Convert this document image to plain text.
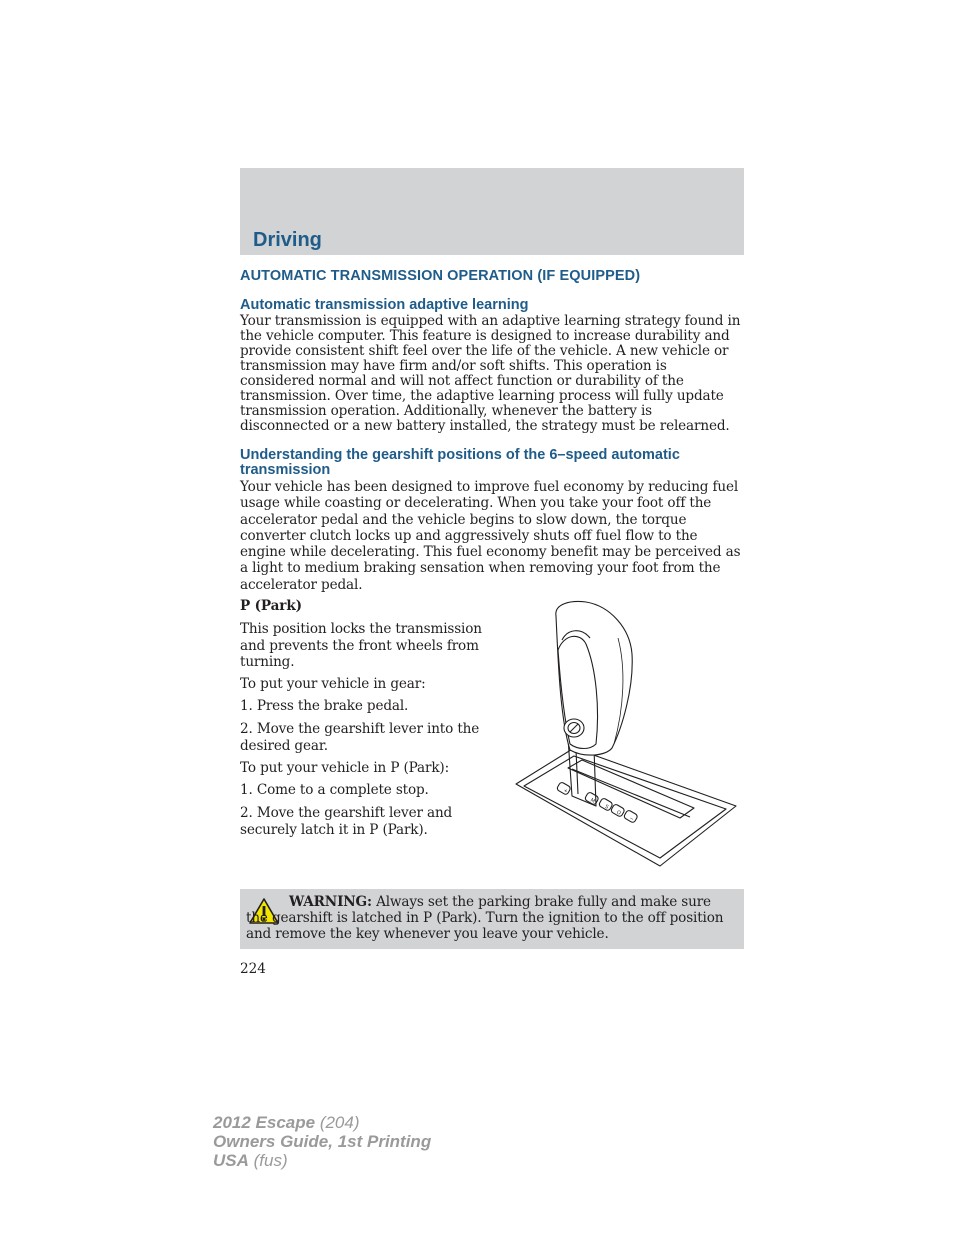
Driving
AUTOMATIC TRANSMISSION OPERATION (IF EQUIPPED)
Automatic transmission adaptive learning

Your transmission is equipped with an adaptive learning strategy found in the vehicle computer. This feature is designed to increase durability and provide consistent shift feel over the life of the vehicle. A new vehicle or transmission may have firm and/or soft shifts. This operation is considered normal and will not affect function or durability of the transmission. Over time, the adaptive learning process will fully update transmission operation. Additionally, whenever the battery is disconnected or a new battery installed, the strategy must be relearned.

Understanding the gearshift positions of the 6–speed automatic transmission

Your vehicle has been designed to improve fuel economy by reducing fuel usage while coasting or decelerating. When you take your foot off the accelerator pedal and the vehicle begins to slow down, the torque converter clutch locks up and aggressively shuts off fuel flow to the engine while decelerating. This fuel economy benefit may be perceived as a light to medium braking sensation when removing your foot from the accelerator pedal.

P (Park)

This position locks the transmission and prevents the front wheels from turning.

To put your vehicle in gear:

1. Press the brake pedal.

2. Move the gearshift lever into the desired gear.

To put your vehicle in P (Park):

1. Come to a complete stop.

2. Move the gearshift lever and securely latch it in P (Park).

+
M
S
O
−
WARNING: Always set the parking brake fully and make sure the gearshift is latched in P (Park). Turn the ignition to the off position and remove the key whenever you leave your vehicle.
224
2012 Escape (204)
Owners Guide, 1st Printing
USA (fus)
